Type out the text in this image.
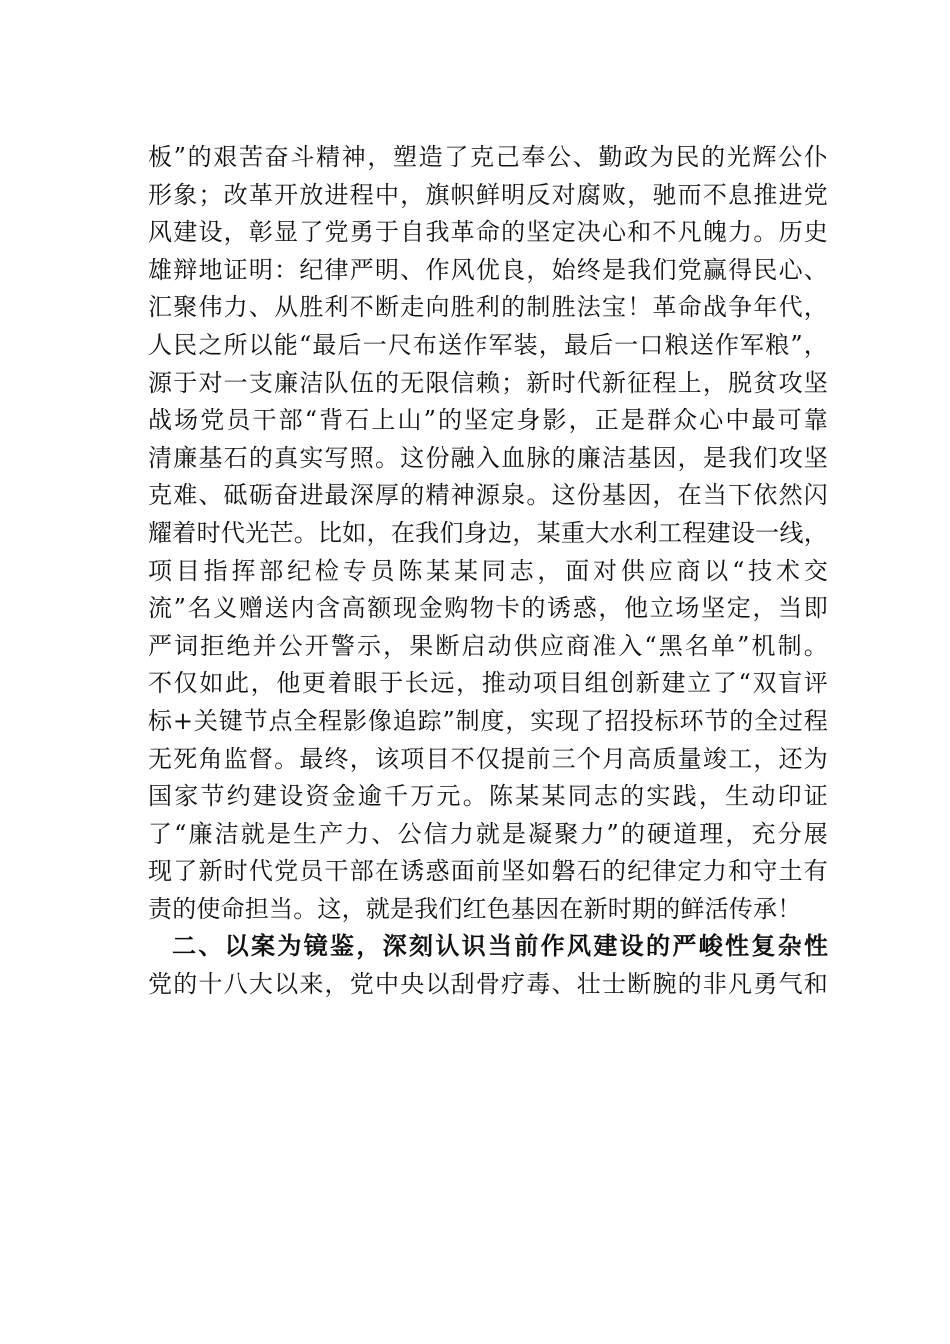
板”的艰苦奋斗精神，塑造了克己奉公、勤政为民的光辉公仆
形象；改革开放进程中，旗帜鲜明反对腐败，驰而不息推进党
风建设，彰显了党勇于自我革命的坚定决心和不凡魄力。历史
雄辩地证明：纪律严明、作风优良，始终是我们党赢得民心、
汇聚伟力、从胜利不断走向胜利的制胜法宝！革命战争年代，
人民之所以能“最后一尺布送作军装，最后一口粮送作军粮”，
源于对一支廉洁队伍的无限信赖；新时代新征程上，脱贫攻坚
战场党员干部“背石上山”的坚定身影，正是群众心中最可靠
清廉基石的真实写照。这份融入血脉的廉洁基因，是我们攻坚
克难、砥砺奋进最深厚的精神源泉。这份基因，在当下依然闪
耀着时代光芒。比如，在我们身边，某重大水利工程建设一线，
项目指挥部纪检专员陈某某同志，面对供应商以“技术交
流”名义赠送内含高额现金购物卡的诱惑，他立场坚定，当即
严词拒绝并公开警示，果断启动供应商准入“黑名单”机制。
不仅如此，他更着眼于长远，推动项目组创新建立了“双盲评
标+关键节点全程影像追踪”制度，实现了招投标环节的全过程
无死角监督。最终，该项目不仅提前三个月高质量竣工，还为
国家节约建设资金逾千万元。陈某某同志的实践，生动印证
了“廉洁就是生产力、公信力就是凝聚力”的硬道理，充分展
现了新时代党员干部在诱惑面前坚如磐石的纪律定力和守土有
责的使命担当。这，就是我们红色基因在新时期的鲜活传承！
二、以案为镜鉴，深刻认识当前作风建设的严峻性复杂性
党的十八大以来，党中央以刮骨疗毒、壮士断腕的非凡勇气和
